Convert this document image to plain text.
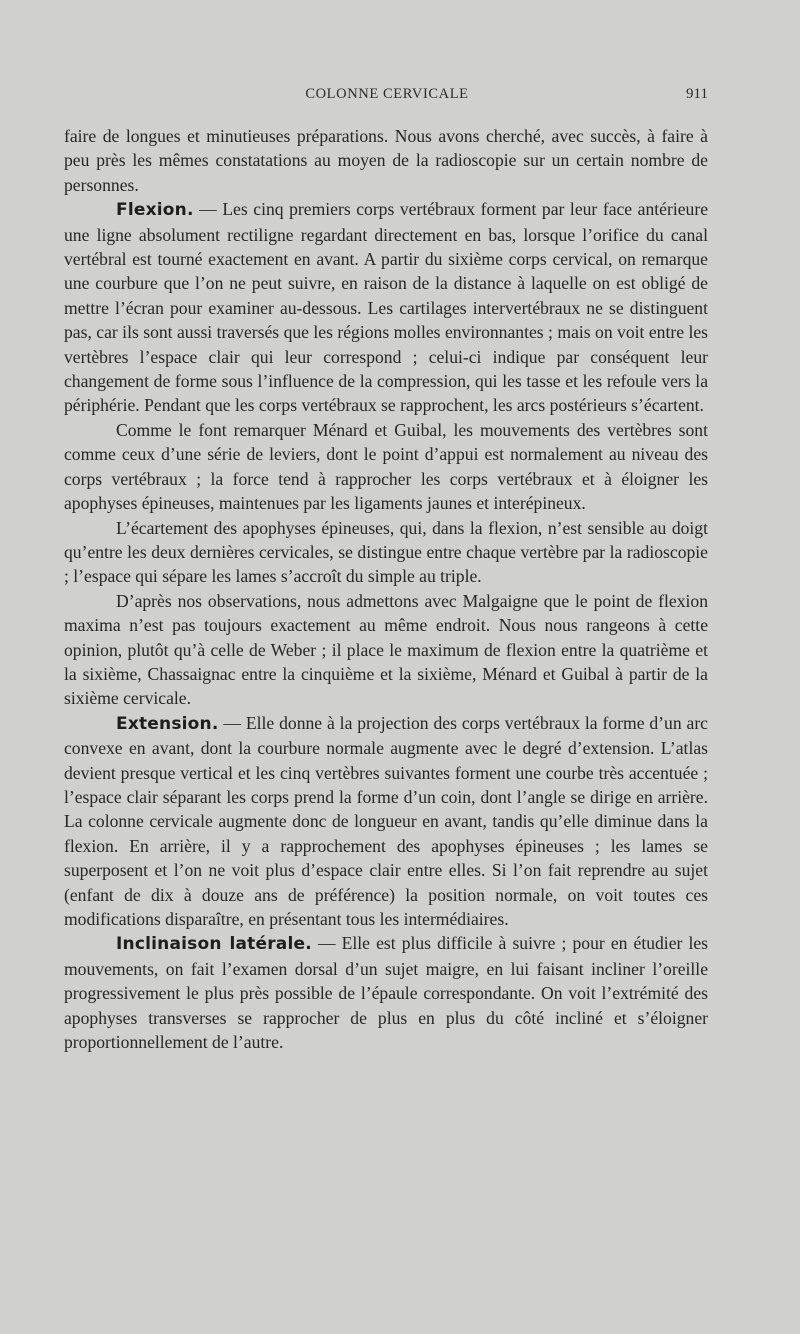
COLONNE CERVICALE	911

faire de longues et minutieuses préparations. Nous avons cherché, avec succès, à faire à peu près les mêmes constatations au moyen de la radioscopie sur un certain nombre de personnes.

Flexion. — Les cinq premiers corps vertébraux forment par leur face antérieure une ligne absolument rectiligne regardant directement en bas, lorsque l’orifice du canal vertébral est tourné exactement en avant. A partir du sixième corps cervical, on remarque une courbure que l’on ne peut suivre, en raison de la distance à laquelle on est obligé de mettre l’écran pour examiner au-dessous. Les cartilages intervertébraux ne se distinguent pas, car ils sont aussi traversés que les régions molles environnantes ; mais on voit entre les vertèbres l’espace clair qui leur correspond ; celui-ci indique par conséquent leur changement de forme sous l’influence de la compression, qui les tasse et les refoule vers la périphérie. Pendant que les corps vertébraux se rapprochent, les arcs postérieurs s’écartent.

Comme le font remarquer Ménard et Guibal, les mouvements des vertèbres sont comme ceux d’une série de leviers, dont le point d’appui est normalement au niveau des corps vertébraux ; la force tend à rapprocher les corps vertébraux et à éloigner les apophyses épineuses, maintenues par les ligaments jaunes et interépineux.

L’écartement des apophyses épineuses, qui, dans la flexion, n’est sensible au doigt qu’entre les deux dernières cervicales, se distingue entre chaque vertèbre par la radioscopie ; l’espace qui sépare les lames s’accroît du simple au triple.

D’après nos observations, nous admettons avec Malgaigne que le point de flexion maxima n’est pas toujours exactement au même endroit. Nous nous rangeons à cette opinion, plutôt qu’à celle de Weber ; il place le maximum de flexion entre la quatrième et la sixième, Chassaignac entre la cinquième et la sixième, Ménard et Guibal à partir de la sixième cervicale.

Extension. — Elle donne à la projection des corps vertébraux la forme d’un arc convexe en avant, dont la courbure normale augmente avec le degré d’extension. L’atlas devient presque vertical et les cinq vertèbres suivantes forment une courbe très accentuée ; l’espace clair séparant les corps prend la forme d’un coin, dont l’angle se dirige en arrière. La colonne cervicale augmente donc de longueur en avant, tandis qu’elle diminue dans la flexion. En arrière, il y a rapprochement des apophyses épineuses ; les lames se superposent et l’on ne voit plus d’espace clair entre elles. Si l’on fait reprendre au sujet (enfant de dix à douze ans de préférence) la position normale, on voit toutes ces modifications disparaître, en présentant tous les intermédiaires.

Inclinaison latérale. — Elle est plus difficile à suivre ; pour en étudier les mouvements, on fait l’examen dorsal d’un sujet maigre, en lui faisant incliner l’oreille progressivement le plus près possible de l’épaule correspondante. On voit l’extrémité des apophyses transverses se rapprocher de plus en plus du côté incliné et s’éloigner proportionnellement de l’autre.
